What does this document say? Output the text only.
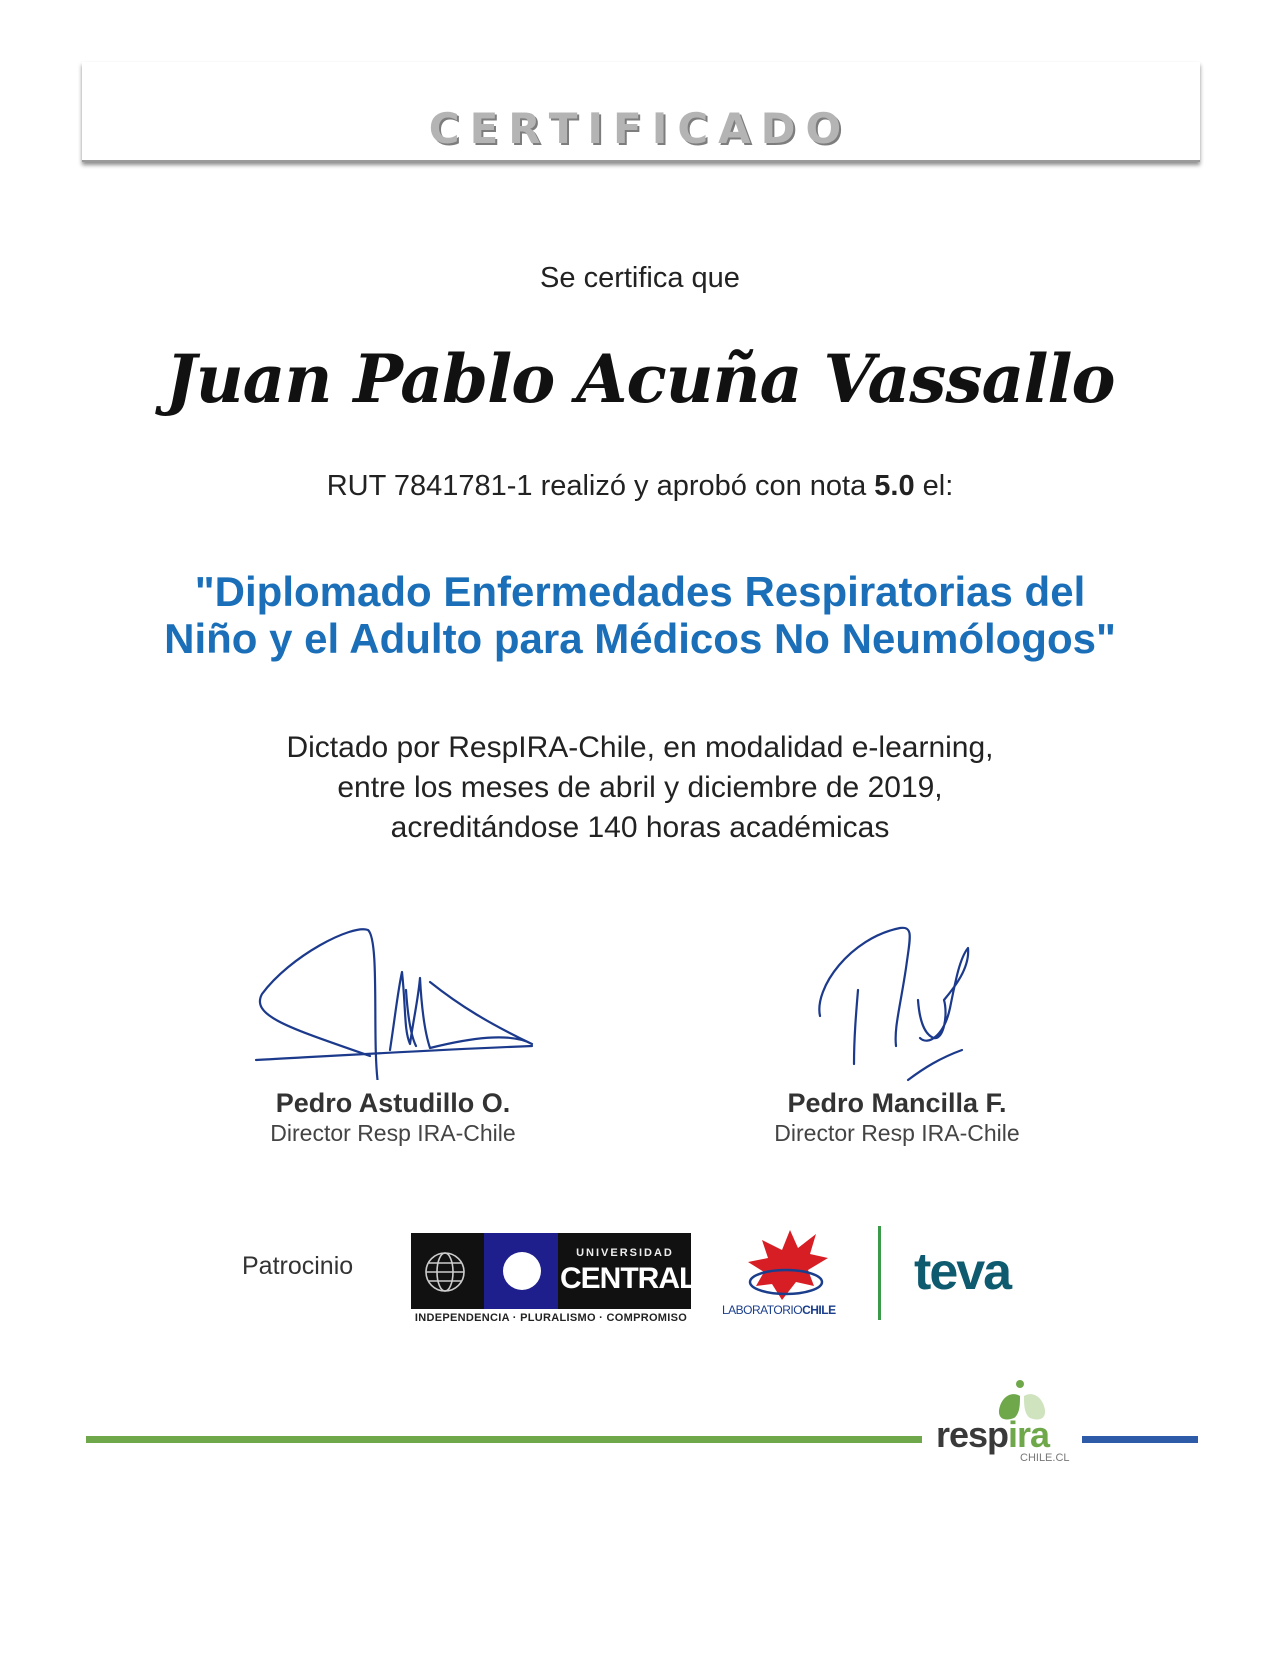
CERTIFICADO
Se certifica que
Juan Pablo Acuña Vassallo
RUT 7841781-1 realizó y aprobó con nota 5.0 el:
"Diplomado Enfermedades Respiratorias del
Niño y el Adulto para Médicos No Neumólogos"
Dictado por RespIRA-Chile, en modalidad e-learning,
entre los meses de abril y diciembre de 2019,
acreditándose 140 horas académicas
Pedro Astudillo O.
Director Resp IRA-Chile
Pedro Mancilla F.
Director Resp IRA-Chile
Patrocinio	UNIVERSIDAD
CENTRAL
INDEPENDENCIA · PLURALISMO · COMPROMISO
LABORATORIOCHILE
teva
respira
CHILE.CL
